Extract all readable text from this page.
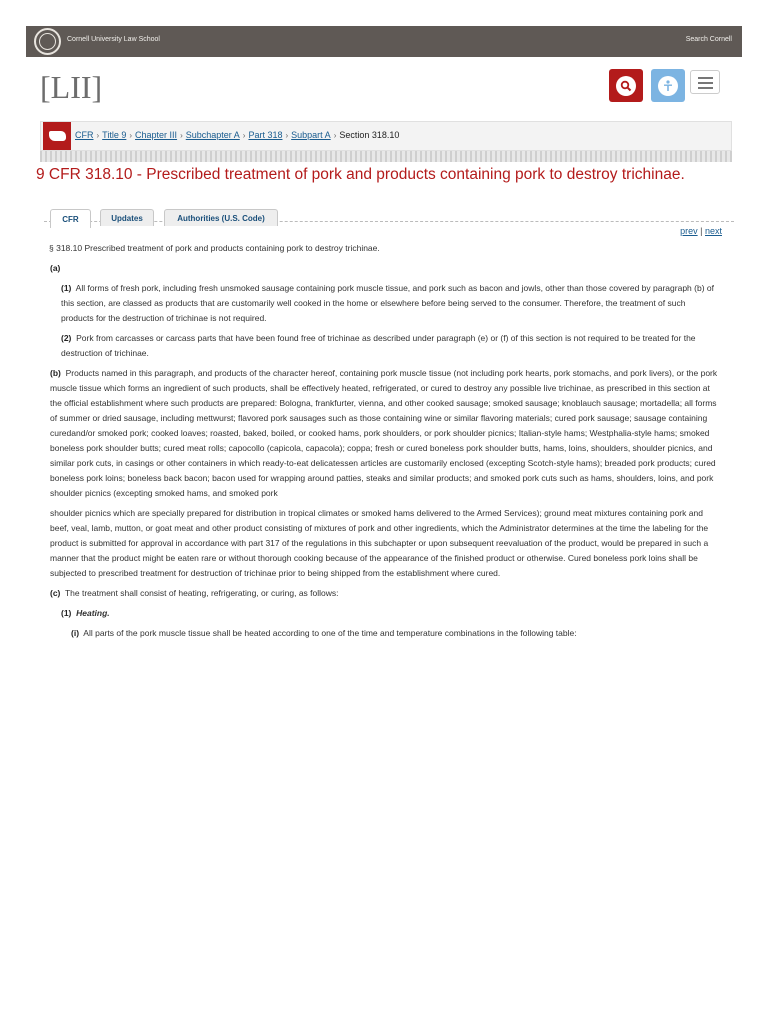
Cornell University Law School	Search Cornell
[LII]
CFR › Title 9 › Chapter III › Subchapter A › Part 318 › Subpart A › Section 318.10
9 CFR 318.10 - Prescribed treatment of pork and products containing pork to destroy trichinae.
CFR	Updates	Authorities (U.S. Code)
prev | next

§ 318.10 Prescribed treatment of pork and products containing pork to destroy trichinae.

(a)

(1) All forms of fresh pork, including fresh unsmoked sausage containing pork muscle tissue, and pork such as bacon and jowls, other than those covered by paragraph (b) of this section, are classed as products that are customarily well cooked in the home or elsewhere before being served to the consumer. Therefore, the treatment of such products for the destruction of trichinae is not required.

(2) Pork from carcasses or carcass parts that have been found free of trichinae as described under paragraph (e) or (f) of this section is not required to be treated for the destruction of trichinae.

(b) Products named in this paragraph, and products of the character hereof, containing pork muscle tissue (not including pork hearts, pork stomachs, and pork livers), or the pork muscle tissue which forms an ingredient of such products, shall be effectively heated, refrigerated, or cured to destroy any possible live trichinae, as prescribed in this section at the official establishment where such products are prepared: Bologna, frankfurter, vienna, and other cooked sausage; smoked sausage; knoblauch sausage; mortadella; all forms of summer or dried sausage, including mettwurst; flavored pork sausages such as those containing wine or similar flavoring materials; cured pork sausage; sausage containing curedand/or smoked pork; cooked loaves; roasted, baked, boiled, or cooked hams, pork shoulders, or pork shoulder picnics; Italian-style hams; Westphalia-style hams; smoked boneless pork shoulder butts; cured meat rolls; capocollo (capicola, capacola); coppa; fresh or cured boneless pork shoulder butts, hams, loins, shoulders, shoulder picnics, and similar pork cuts, in casings or other containers in which ready-to-eat delicatessen articles are customarily enclosed (excepting Scotch-style hams); breaded pork products; cured boneless pork loins; boneless back bacon; bacon used for wrapping around patties, steaks and similar products; and smoked pork cuts such as hams, shoulders, loins, and pork shoulder picnics (excepting smoked hams, and smoked pork

shoulder picnics which are specially prepared for distribution in tropical climates or smoked hams delivered to the Armed Services); ground meat mixtures containing pork and beef, veal, lamb, mutton, or goat meat and other product consisting of mixtures of pork and other ingredients, which the Administrator determines at the time the labeling for the product is submitted for approval in accordance with part 317 of the regulations in this subchapter or upon subsequent reevaluation of the product, would be prepared in such a manner that the product might be eaten rare or without thorough cooking because of the appearance of the finished product or otherwise. Cured boneless pork loins shall be subjected to prescribed treatment for destruction of trichinae prior to being shipped from the establishment where cured.

(c) The treatment shall consist of heating, refrigerating, or curing, as follows:

(1) Heating.

(i) All parts of the pork muscle tissue shall be heated according to one of the time and temperature combinations in the following table:
